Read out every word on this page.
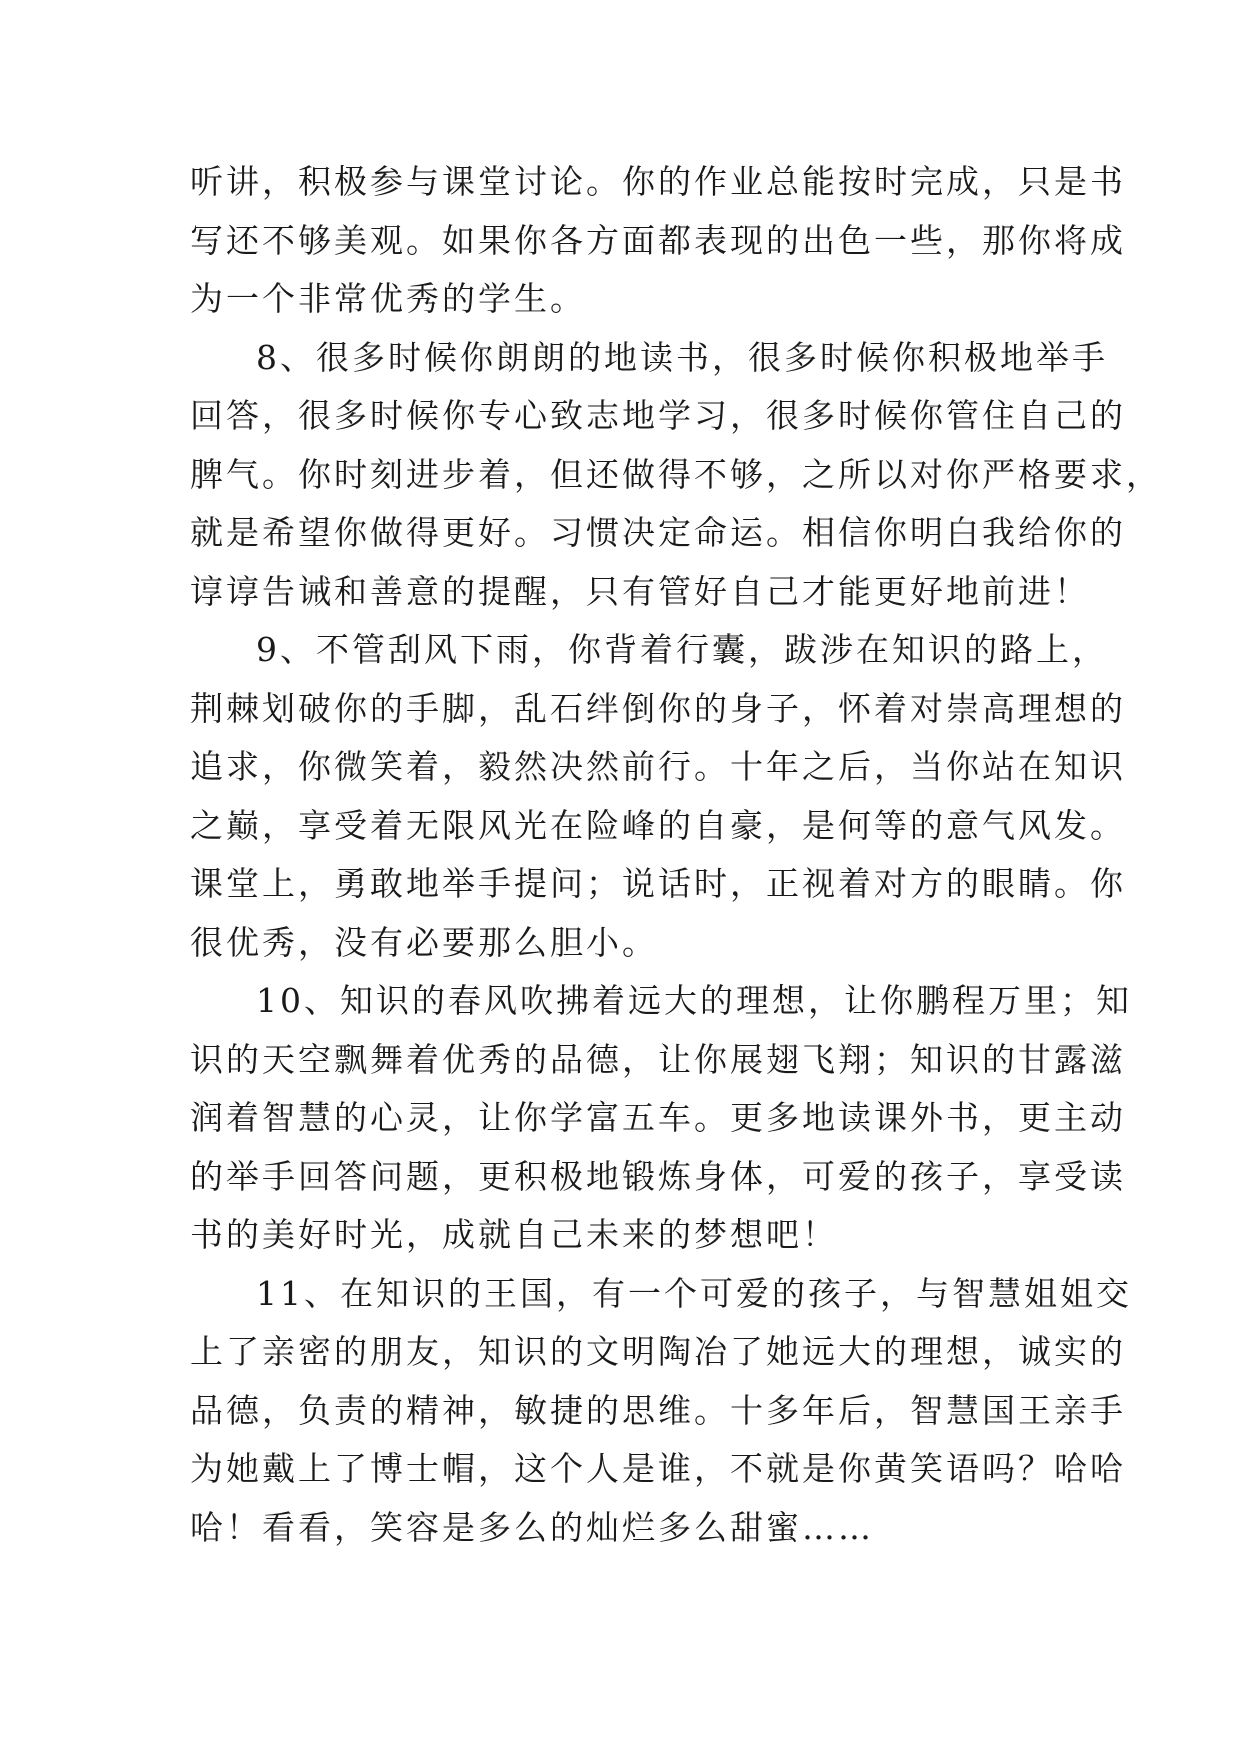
听讲，积极参与课堂讨论。你的作业总能按时完成，只是书
写还不够美观。如果你各方面都表现的出色一些，那你将成
为一个非常优秀的学生。
8、很多时候你朗朗的地读书，很多时候你积极地举手
回答，很多时候你专心致志地学习，很多时候你管住自己的
脾气。你时刻进步着，但还做得不够，之所以对你严格要求，
就是希望你做得更好。习惯决定命运。相信你明白我给你的
谆谆告诫和善意的提醒，只有管好自己才能更好地前进！
9、不管刮风下雨，你背着行囊，跋涉在知识的路上，
荆棘划破你的手脚，乱石绊倒你的身子，怀着对崇高理想的
追求，你微笑着，毅然决然前行。十年之后，当你站在知识
之巅，享受着无限风光在险峰的自豪，是何等的意气风发。
课堂上，勇敢地举手提问；说话时，正视着对方的眼睛。你
很优秀，没有必要那么胆小。
10、知识的春风吹拂着远大的理想，让你鹏程万里；知
识的天空飘舞着优秀的品德，让你展翅飞翔；知识的甘露滋
润着智慧的心灵，让你学富五车。更多地读课外书，更主动
的举手回答问题，更积极地锻炼身体，可爱的孩子，享受读
书的美好时光，成就自己未来的梦想吧！
11、在知识的王国，有一个可爱的孩子，与智慧姐姐交
上了亲密的朋友，知识的文明陶冶了她远大的理想，诚实的
品德，负责的精神，敏捷的思维。十多年后，智慧国王亲手
为她戴上了博士帽，这个人是谁，不就是你黄笑语吗？哈哈
哈！看看，笑容是多么的灿烂多么甜蜜……
